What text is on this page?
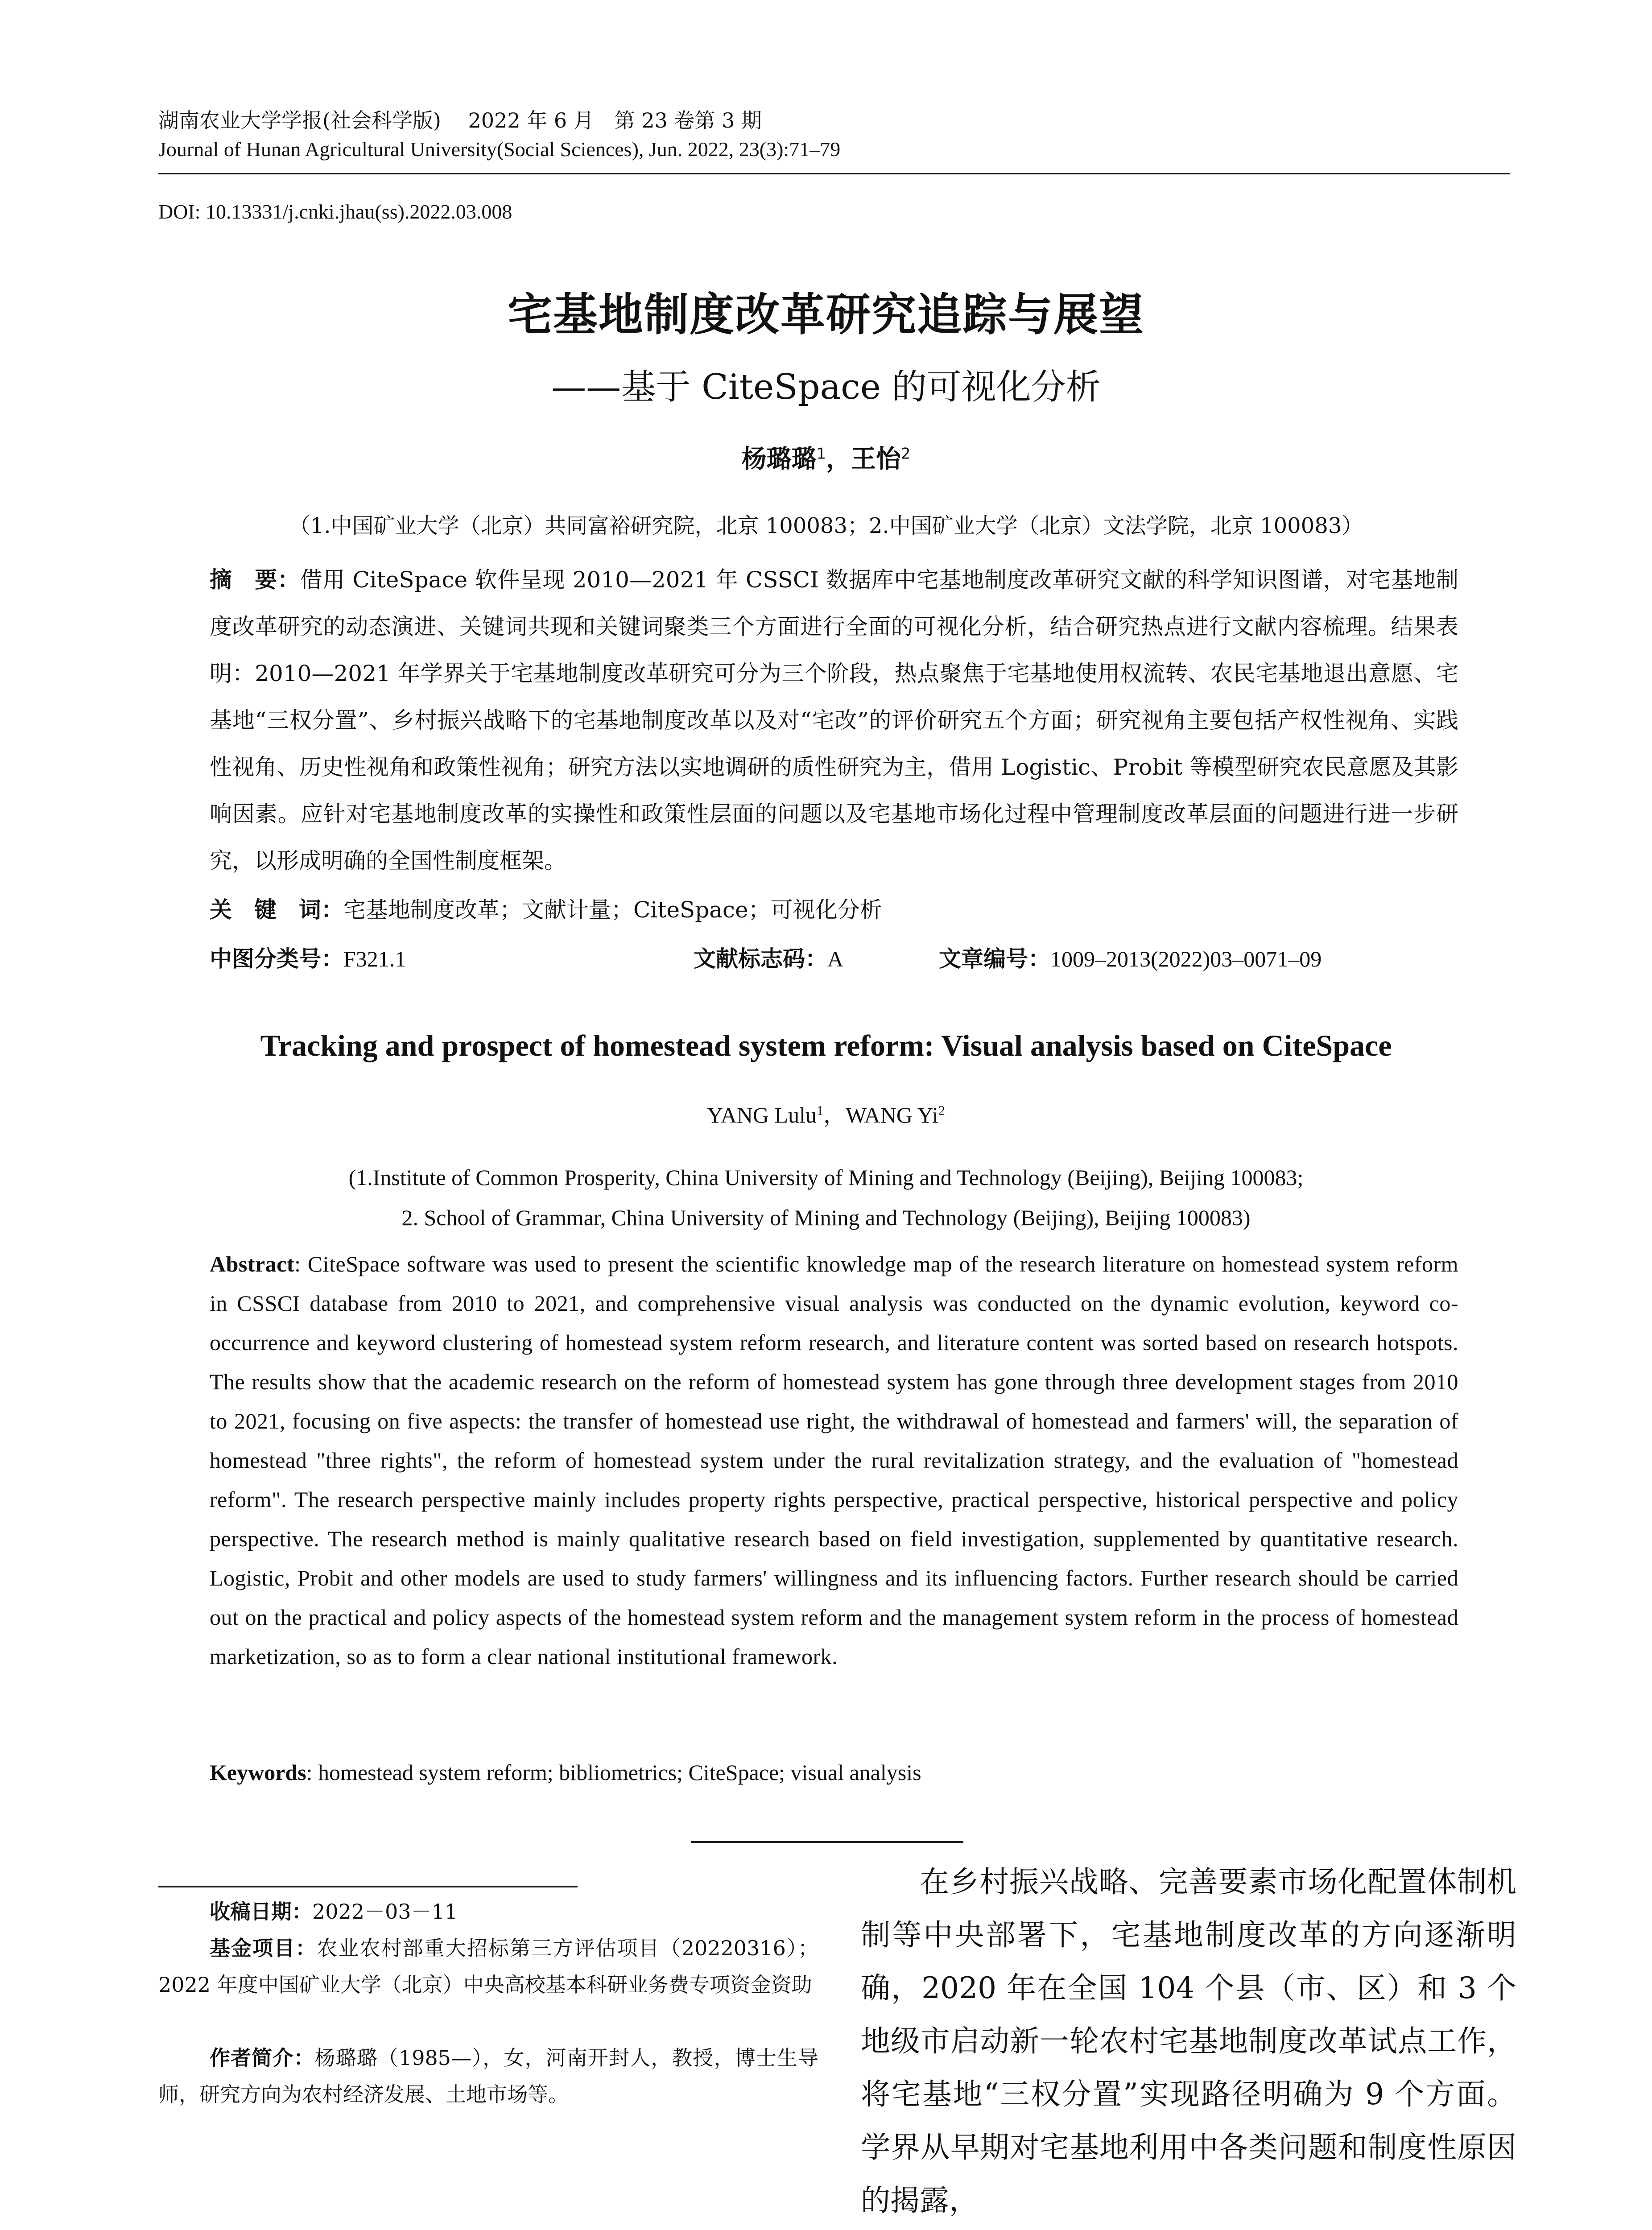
湖南农业大学学报(社会科学版)　 2022 年 6 月　第 23 卷第 3 期
Journal of Hunan Agricultural University(Social Sciences), Jun. 2022, 23(3):71–79
DOI: 10.13331/j.cnki.jhau(ss).2022.03.008
宅基地制度改革研究追踪与展望
——基于 CiteSpace 的可视化分析
杨璐璐$^1$，王怡$^2$
（1.中国矿业大学（北京）共同富裕研究院，北京 100083；2.中国矿业大学（北京）文法学院，北京 100083）
摘　要：借用 CiteSpace 软件呈现 2010—2021 年 CSSCI 数据库中宅基地制度改革研究文献的科学知识图谱，对宅基地制度改革研究的动态演进、关键词共现和关键词聚类三个方面进行全面的可视化分析，结合研究热点进行文献内容梳理。结果表明：2010—2021 年学界关于宅基地制度改革研究可分为三个阶段，热点聚焦于宅基地使用权流转、农民宅基地退出意愿、宅基地“三权分置”、乡村振兴战略下的宅基地制度改革以及对“宅改”的评价研究五个方面；研究视角主要包括产权性视角、实践性视角、历史性视角和政策性视角；研究方法以实地调研的质性研究为主，借用 Logistic、Probit 等模型研究农民意愿及其影响因素。应针对宅基地制度改革的实操性和政策性层面的问题以及宅基地市场化过程中管理制度改革层面的问题进行进一步研究，以形成明确的全国性制度框架。
关　键　词：宅基地制度改革；文献计量；CiteSpace；可视化分析
中图分类号：F321.1	文献标志码：A	文章编号：1009–2013(2022)03–0071–09
Tracking and prospect of homestead system reform: Visual analysis based on CiteSpace
YANG Lulu$^1$，WANG Yi$^2$
(1.Institute of Common Prosperity, China University of Mining and Technology (Beijing), Beijing 100083;
2. School of Grammar, China University of Mining and Technology (Beijing), Beijing 100083)
Abstract: CiteSpace software was used to present the scientific knowledge map of the research literature on homestead system reform in CSSCI database from 2010 to 2021, and comprehensive visual analysis was conducted on the dynamic evolution, keyword co-occurrence and keyword clustering of homestead system reform research, and literature content was sorted based on research hotspots. The results show that the academic research on the reform of homestead system has gone through three development stages from 2010 to 2021, focusing on five aspects: the transfer of homestead use right, the withdrawal of homestead and farmers' will, the separation of homestead "three rights", the reform of homestead system under the rural revitalization strategy, and the evaluation of "homestead reform". The research perspective mainly includes property rights perspective, practical perspective, historical perspective and policy perspective. The research method is mainly qualitative research based on field investigation, supplemented by quantitative research. Logistic, Probit and other models are used to study farmers' willingness and its influencing factors. Further research should be carried out on the practical and policy aspects of the homestead system reform and the management system reform in the process of homestead marketization, so as to form a clear national institutional framework.
Keywords: homestead system reform; bibliometrics; CiteSpace; visual analysis
收稿日期：2022－03－11
基金项目：农业农村部重大招标第三方评估项目（20220316）；2022 年度中国矿业大学（北京）中央高校基本科研业务费专项资金资助
作者简介：杨璐璐（1985—），女，河南开封人，教授，博士生导师，研究方向为农村经济发展、土地市场等。
在乡村振兴战略、完善要素市场化配置体制机制等中央部署下，宅基地制度改革的方向逐渐明确，2020 年在全国 104 个县（市、区）和 3 个地级市启动新一轮农村宅基地制度改革试点工作，将宅基地“三权分置”实现路径明确为 9 个方面。学界从早期对宅基地利用中各类问题和制度性原因的揭露，
